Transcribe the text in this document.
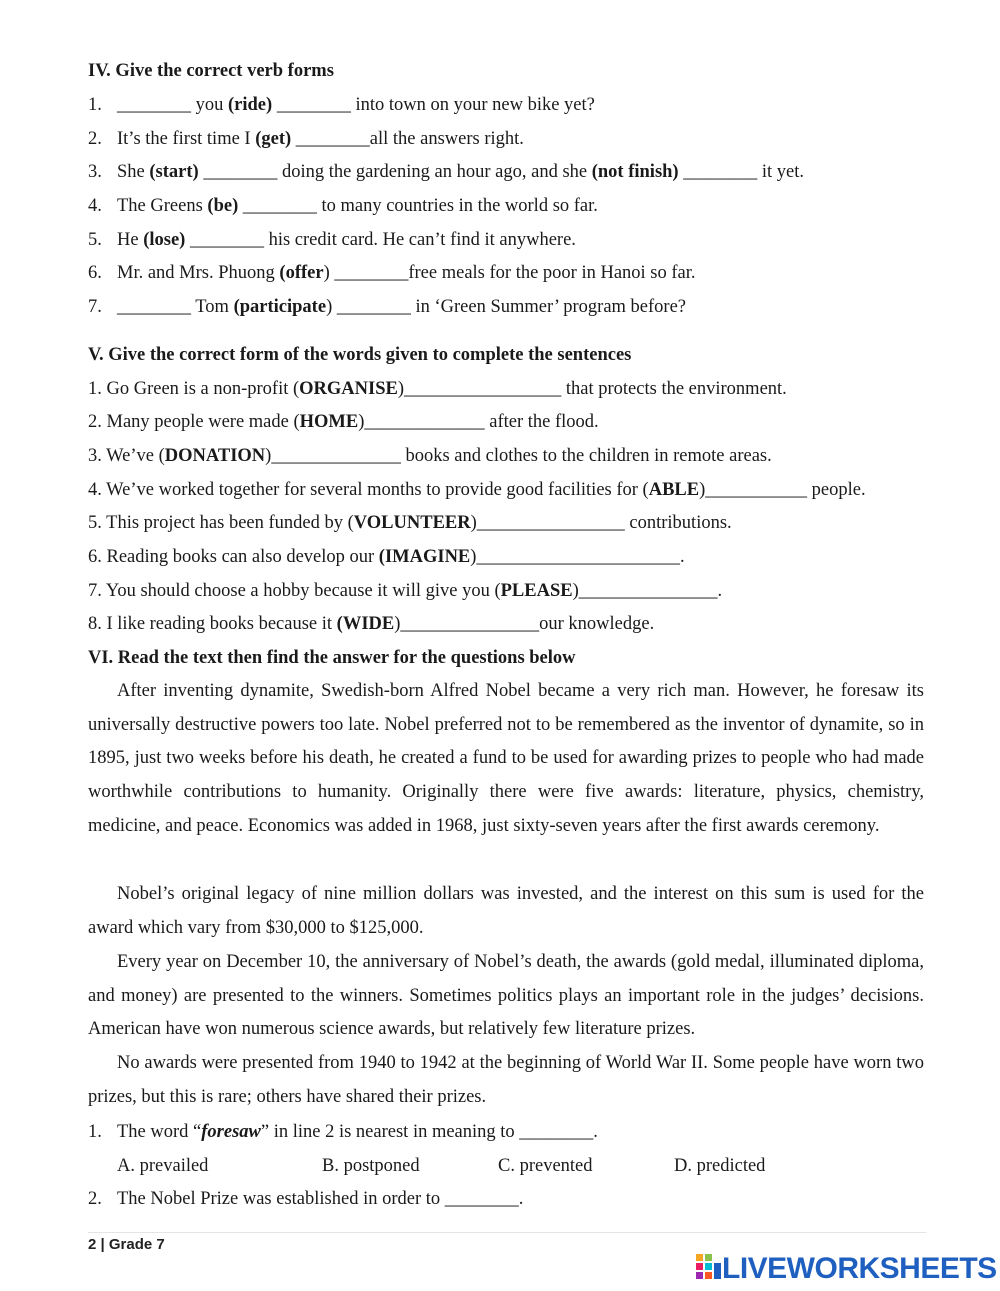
IV. Give the correct verb forms
1. ________ you (ride) ________ into town on your new bike yet?
2. It’s the first time I (get) ________all the answers right.
3. She (start) ________ doing the gardening an hour ago, and she (not finish) ________ it yet.
4. The Greens (be) ________ to many countries in the world so far.
5. He (lose) ________ his credit card. He can’t find it anywhere.
6. Mr. and Mrs. Phuong (offer) ________free meals for the poor in Hanoi so far.
7. ________ Tom (participate) ________ in ‘Green Summer’ program before?
V. Give the correct form of the words given to complete the sentences
1. Go Green is a non-profit (ORGANISE)_________________ that protects the environment.
2. Many people were made (HOME)_____________ after the flood.
3. We’ve (DONATION)______________ books and clothes to the children in remote areas.
4. We’ve worked together for several months to provide good facilities for (ABLE)___________ people.
5. This project has been funded by (VOLUNTEER)________________ contributions.
6. Reading books can also develop our (IMAGINE)______________________.
7. You should choose a hobby because it will give you (PLEASE)_______________.
8. I like reading books because it (WIDE)_______________our knowledge.
VI. Read the text then find the answer for the questions below
After inventing dynamite, Swedish-born Alfred Nobel became a very rich man. However, he foresaw its universally destructive powers too late. Nobel preferred not to be remembered as the inventor of dynamite, so in 1895, just two weeks before his death, he created a fund to be used for awarding prizes to people who had made worthwhile contributions to humanity. Originally there were five awards: literature, physics, chemistry, medicine, and peace. Economics was added in 1968, just sixty-seven years after the first awards ceremony.
Nobel’s original legacy of nine million dollars was invested, and the interest on this sum is used for the award which vary from $30,000 to $125,000.
Every year on December 10, the anniversary of Nobel’s death, the awards (gold medal, illuminated diploma, and money) are presented to the winners. Sometimes politics plays an important role in the judges’ decisions. American have won numerous science awards, but relatively few literature prizes.
No awards were presented from 1940 to 1942 at the beginning of World War II. Some people have worn two prizes, but this is rare; others have shared their prizes.
1. The word “foresaw” in line 2 is nearest in meaning to ________.
A. prevailed	B. postponed	C. prevented	D. predicted
2. The Nobel Prize was established in order to ________.
2 | Grade 7
LIVEWORKSHEETS
